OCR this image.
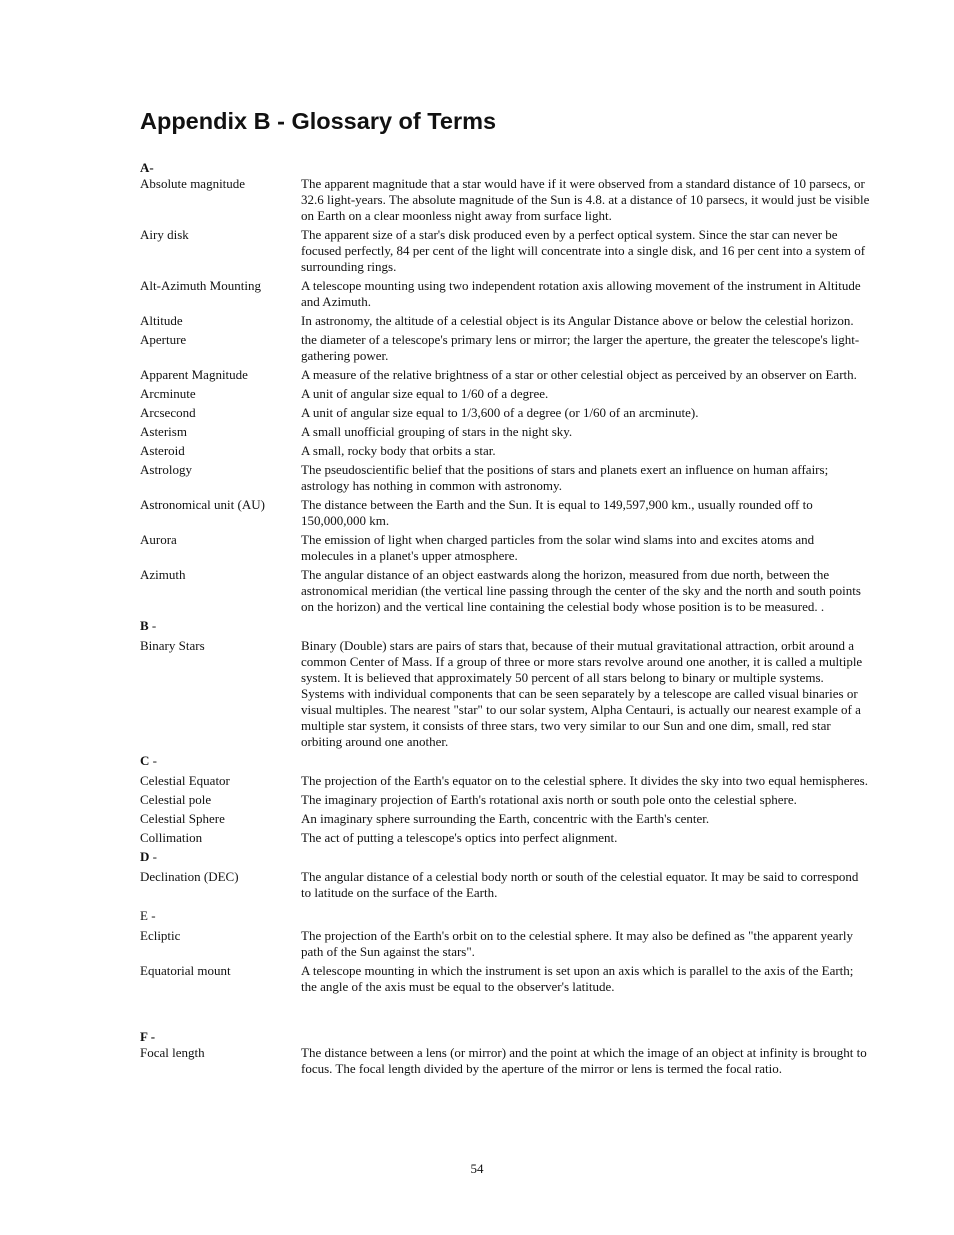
Appendix B - Glossary of Terms
A-
Absolute magnitude	The apparent magnitude that a star would have if it were observed from a standard distance of 10 parsecs, or 32.6 light-years. The absolute magnitude of the Sun is 4.8. at a distance of 10 parsecs, it would just be visible on Earth on a clear moonless night away from surface light.
Airy disk	The apparent size of a star's disk produced even by a perfect optical system. Since the star can never be focused perfectly, 84 per cent of the light will concentrate into a single disk, and 16 per cent into a system of surrounding rings.
Alt-Azimuth Mounting	A telescope mounting using two independent rotation axis allowing movement of the instrument in Altitude and Azimuth.
Altitude	In astronomy, the altitude of a celestial object is its Angular Distance above or below the celestial horizon.
Aperture	the diameter of a telescope's primary lens or mirror; the larger the aperture, the greater the telescope's light-gathering power.
Apparent Magnitude	A measure of the relative brightness of a star or other celestial object as perceived by an observer on Earth.
Arcminute	A unit of angular size equal to 1/60 of a degree.
Arcsecond	A unit of angular size equal to 1/3,600 of a degree (or 1/60 of an arcminute).
Asterism	A small unofficial grouping of stars in the night sky.
Asteroid	A small, rocky body that orbits a star.
Astrology	The pseudoscientific belief that the positions of stars and planets exert an influence on human affairs; astrology has nothing in common with astronomy.
Astronomical unit (AU)	The distance between the Earth and the Sun. It is equal to 149,597,900 km., usually rounded off to 150,000,000 km.
Aurora	The emission of light when charged particles from the solar wind slams into and excites atoms and molecules in a planet's upper atmosphere.
Azimuth	The angular distance of an object eastwards along the horizon, measured from due north, between the astronomical meridian (the vertical line passing through the center of the sky and the north and south points on the horizon) and the vertical line containing the celestial body whose position is to be measured. .
B -
Binary Stars	Binary (Double) stars are pairs of stars that, because of their mutual gravitational attraction, orbit around a common Center of Mass. If a group of three or more stars revolve around one another, it is called a multiple system. It is believed that approximately 50 percent of all stars belong to binary or multiple systems. Systems with individual components that can be seen separately by a telescope are called visual binaries or visual multiples. The nearest "star" to our solar system, Alpha Centauri, is actually our nearest example of a multiple star system, it consists of three stars, two very similar to our Sun and one dim, small, red star orbiting around one another.
C -
Celestial Equator	The projection of the Earth's equator on to the celestial sphere. It divides the sky into two equal hemispheres.
Celestial pole	The imaginary projection of Earth's rotational axis north or south pole onto the celestial sphere.
Celestial Sphere	An imaginary sphere surrounding the Earth, concentric with the Earth's center.
Collimation	The act of putting a telescope's optics into perfect alignment.
D -
Declination (DEC)	The angular distance of a celestial body north or south of the celestial equator. It may be said to correspond to latitude on the surface of the Earth.
E -
Ecliptic	The projection of the Earth's orbit on to the celestial sphere. It may also be defined as "the apparent yearly path of the Sun against the stars".
Equatorial mount	A telescope mounting in which the instrument is set upon an axis which is parallel to the axis of the Earth; the angle of the axis must be equal to the observer's latitude.
F -
Focal length	The distance between a lens (or mirror) and the point at which the image of an object at infinity is brought to focus. The focal length divided by the aperture of the mirror or lens is termed the focal ratio.
54
